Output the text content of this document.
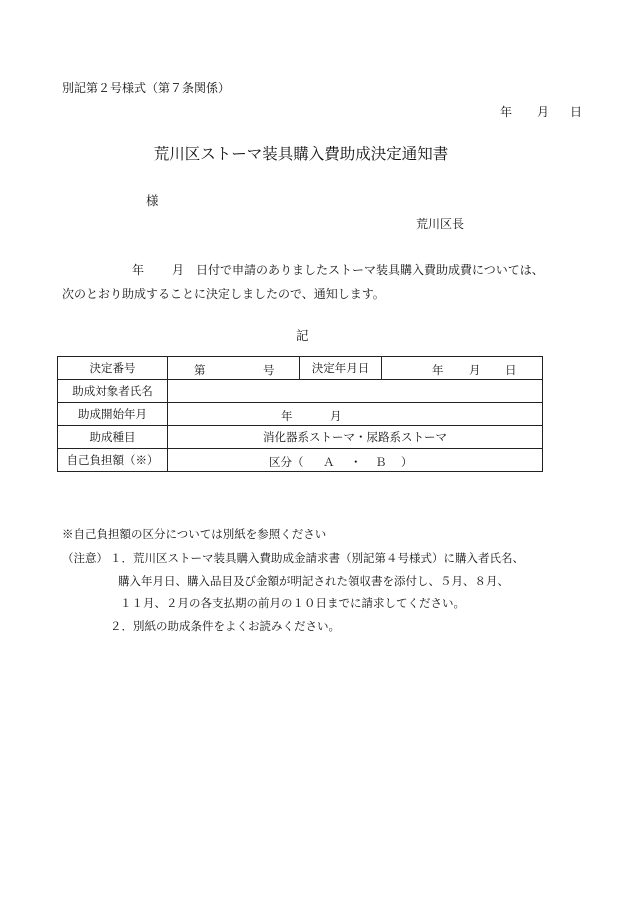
別記第２号様式（第７条関係）
年 月 日
荒川区ストーマ装具購入費助成決定通知書
様
荒川区長
年 月 日付で申請のありましたストーマ装具購入費助成費については、
次のとおり助成することに決定しましたので、通知します。
記
決定番号	第 号	決定年月日	年 月 日

助成対象者氏名			
助成開始年月	年 月		

助成種目	消化器系ストーマ・尿路系ストーマ		
自己負担額（※）	区分（ Ａ ・ Ｂ ）		
※自己負担額の区分については別紙を参照ください
（注意） １．荒川区ストーマ装具購入費助成金請求書（別記第４号様式）に購入者氏名、
購入年月日、購入品目及び金額が明記された領収書を添付し、５月、８月、
１１月、２月の各支払期の前月の１０日までに請求してください。
２．別紙の助成条件をよくお読みください。
